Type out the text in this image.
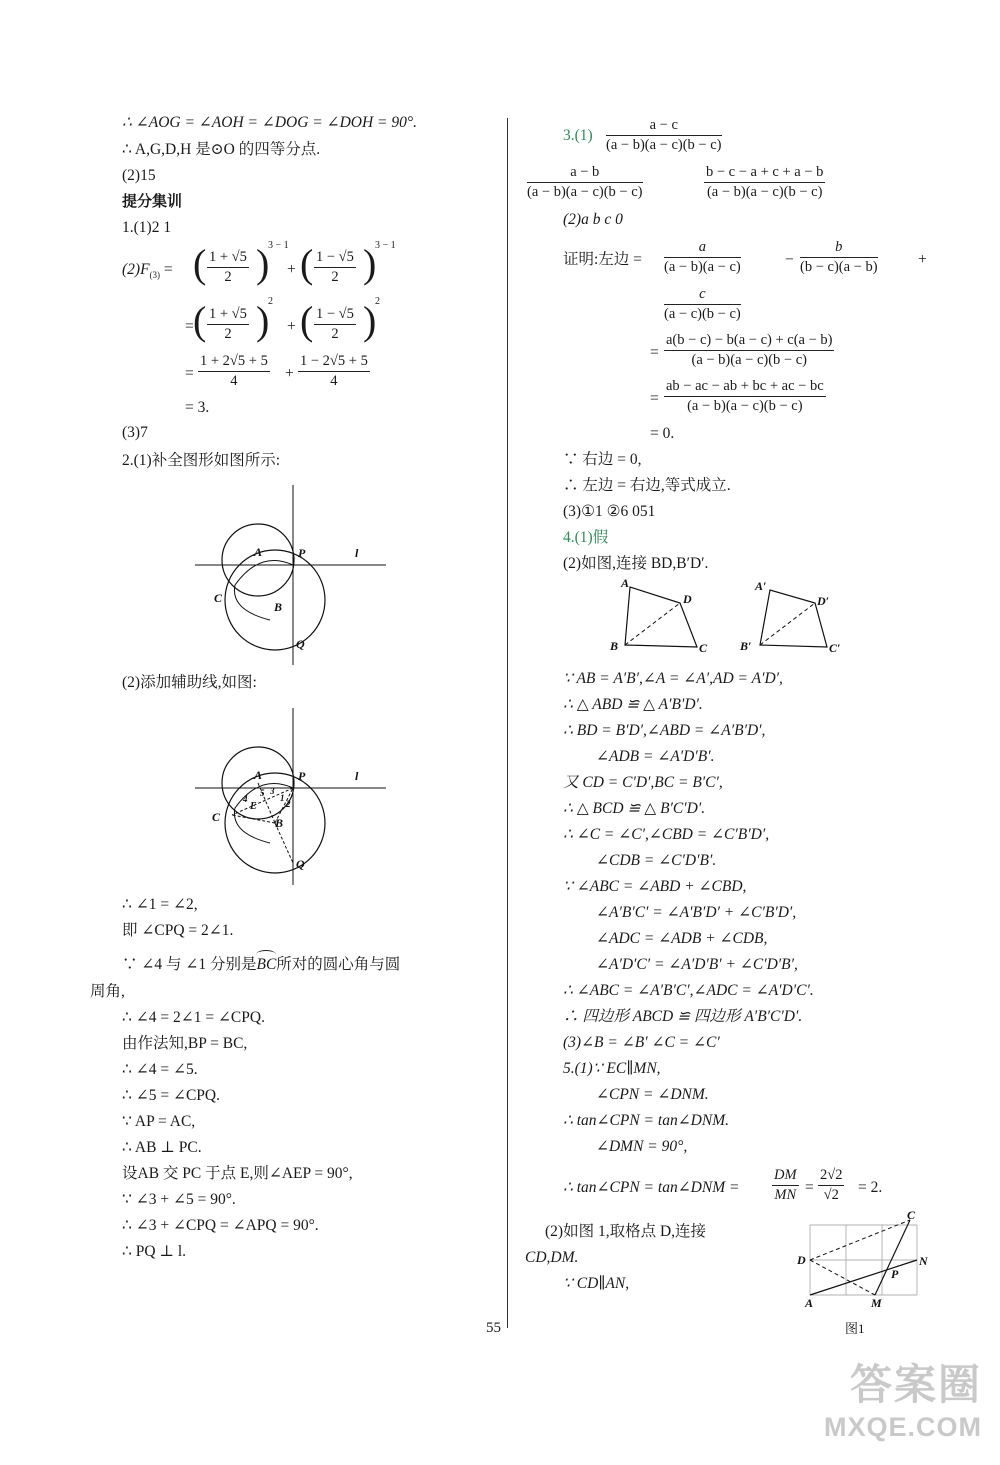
∴ ∠AOG = ∠AOH = ∠DOG = ∠DOH = 90°.
∴ A,G,D,H 是⊙O 的四等分点.
(2)15
提分集训
1.(1)2 1
$(2)F_{(3)}$ = ( 1 + √5
2 )
3 − 1
+ ( 1 − √5
2 )
3 − 1
= ( 1 + √5
2 )
2
+ ( 1 − √5
2 )
2
=
1 + 2√5 + 5
4	+
1 − 2√5 + 5
4
= 3.
(3)7
2.(1)补全图形如图所示:
A	P	l
C
B
Q
(2)添加辅助线,如图:
A	P	l
C	B
Q
E
1
2
3
4
5
∴ ∠1 = ∠2,
即 ∠CPQ = 2∠1.
∵ ∠4 与 ∠1 分别是
BC所对的圆心角与圆
周角,
∴ ∠4 = 2∠1 = ∠CPQ.
由作法知,BP = BC,
∴ ∠4 = ∠5.
∴ ∠5 = ∠CPQ.
∵ AP = AC,
∴ AB ⊥ PC.
设AB 交 PC 于点 E,则∠AEP = 90°,
∵ ∠3 + ∠5 = 90°.
∴ ∠3 + ∠CPQ = ∠APQ = 90°.
∴ PQ ⊥ l.
3.(1)
a − c
(a − b)(a − c)(b − c)
a − b
(a − b)(a − c)(b − c)
b − c − a + c + a − b
(a − b)(a − c)(b − c)
(2)a b c 0
证明:左边 =
a
(a − b)(a − c)	−
b
(b − c)(a − b)	+
c
(a − c)(b − c)
=
a(b − c) − b(a − c) + c(a − b)
(a − b)(a − c)(b − c)
=
ab − ac − ab + bc + ac − bc
(a − b)(a − c)(b − c)
= 0.
∵ 右边 = 0,
∴ 左边 = 右边,等式成立.
(3)①1 ②6 051
4.(1)假
(2)如图,连接 BD,B′D′.
A
B	C
D
A′
B′	C′
D′
∵ AB = A′B′,∠A = ∠A′,AD = A′D′,
∴ △ ABD ≌ △ A′B′D′.
∴ BD = B′D′,∠ABD = ∠A′B′D′,
∠ADB = ∠A′D′B′.
又 CD = C′D′,BC = B′C′,
∴ △ BCD ≌ △ B′C′D′.
∴ ∠C = ∠C′,∠CBD = ∠C′B′D′,
∠CDB = ∠C′D′B′.
∵ ∠ABC = ∠ABD + ∠CBD,
∠A′B′C′ = ∠A′B′D′ + ∠C′B′D′,
∠ADC = ∠ADB + ∠CDB,
∠A′D′C′ = ∠A′D′B′ + ∠C′D′B′,
∴ ∠ABC = ∠A′B′C′,∠ADC = ∠A′D′C′.
∴ 四边形 ABCD ≌ 四边形 A′B′C′D′.
(3)∠B = ∠B′ ∠C = ∠C′
5.(1)∵ EC∥MN,
∠CPN = ∠DNM.
∴ tan∠CPN = tan∠DNM.
∠DMN = 90°,
∴ tan∠CPN = tan∠DNM =
DM
MN =
2√2
√2 = 2.
(2)如图 1,取格点 D,连接
CD,DM.
∵ CD∥AN,
C
D	N
P
A	M
图1
55
答案圈
MXQE.COM
